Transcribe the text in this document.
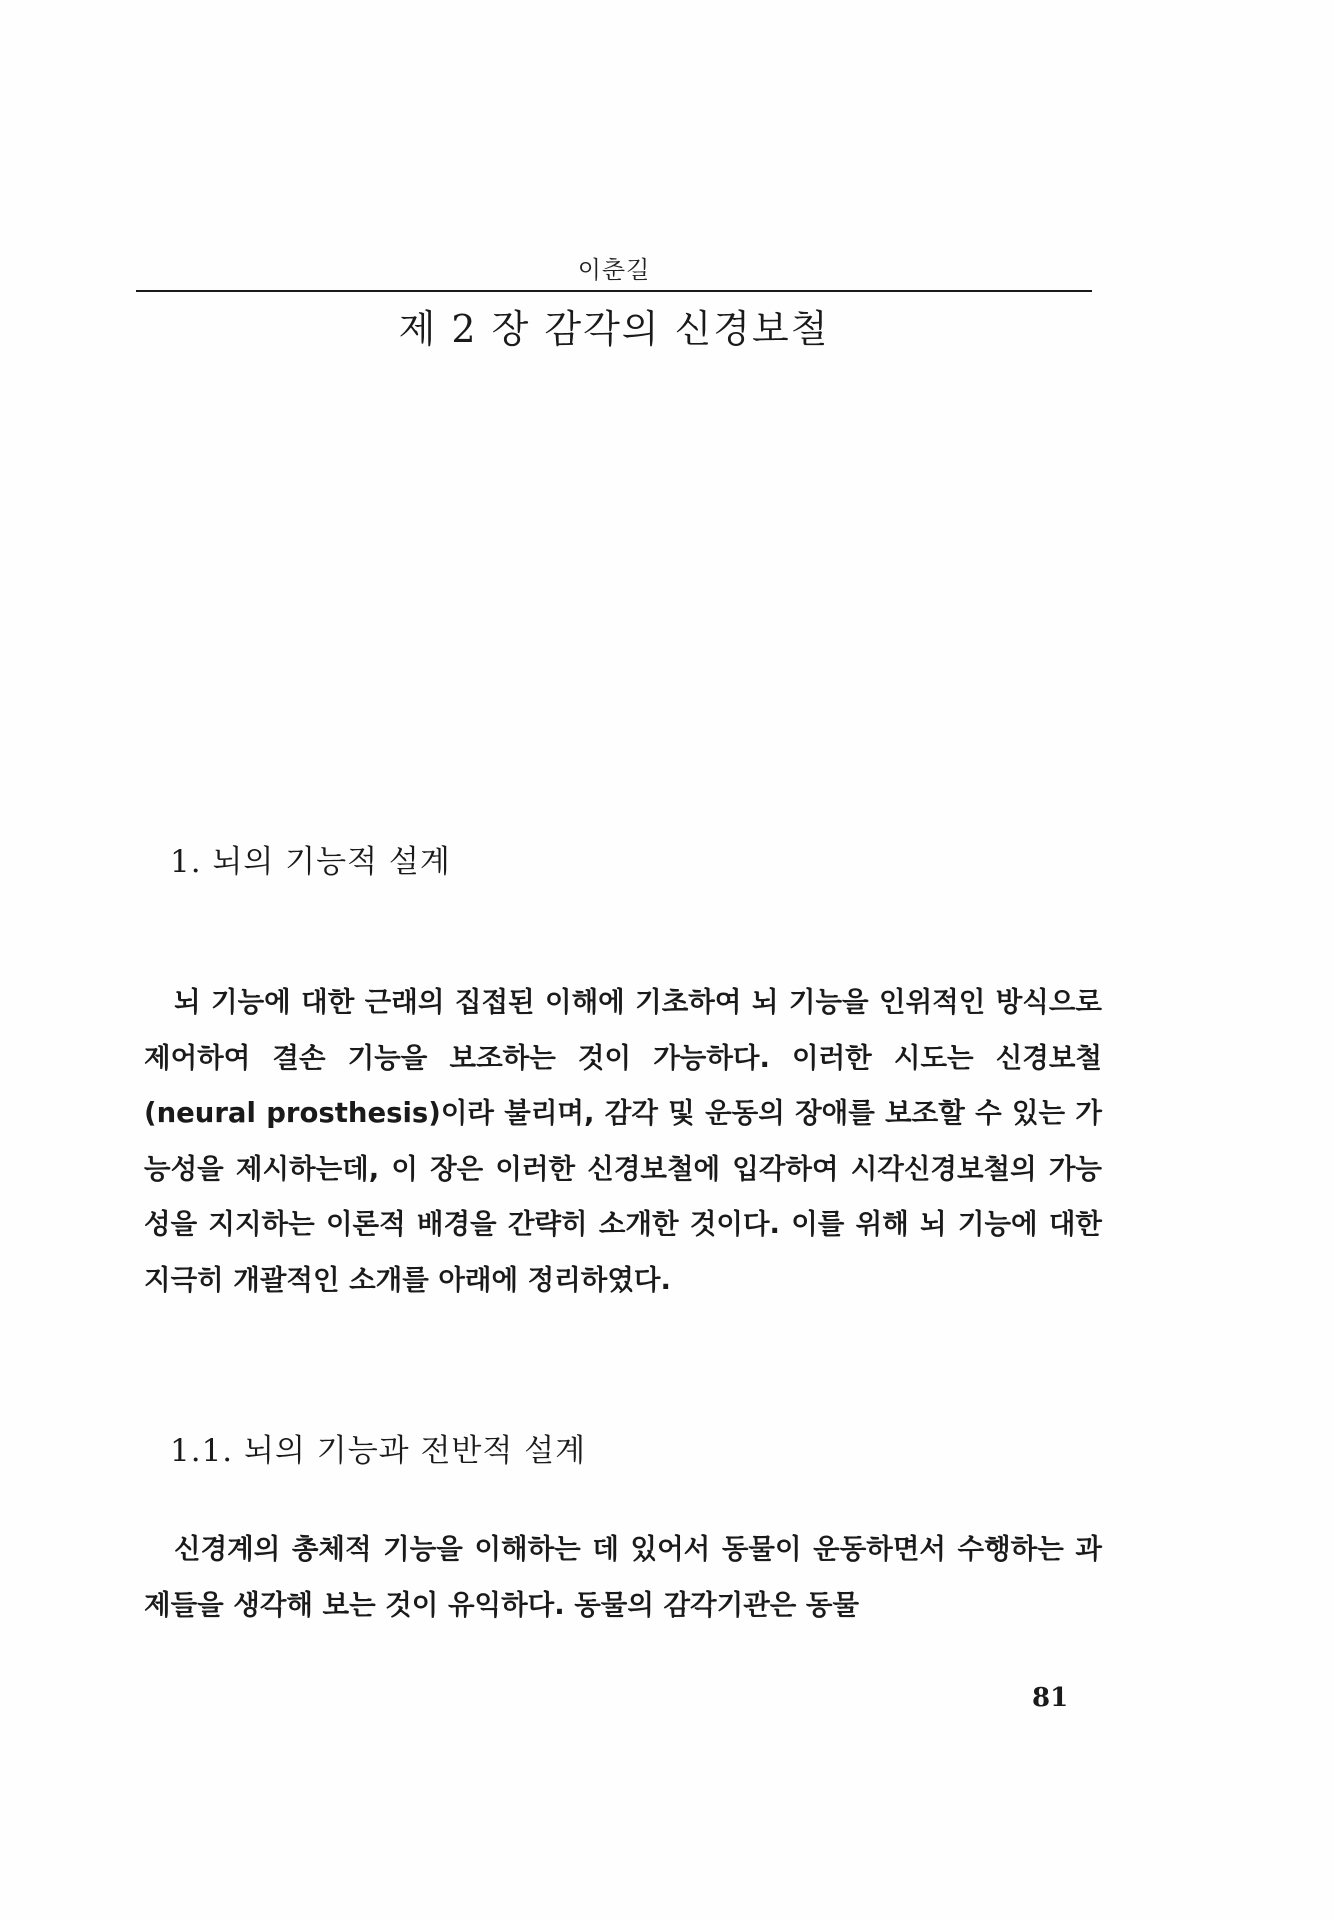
이춘길
제 2 장 감각의 신경보철
1. 뇌의 기능적 설계

뇌 기능에 대한 근래의 집접된 이해에 기초하여 뇌 기능을 인위적인 방식으로 제어하여 결손 기능을 보조하는 것이 가능하다. 이러한 시도는 신경보철(neural prosthesis)이라 불리며, 감각 및 운동의 장애를 보조할 수 있는 가능성을 제시하는데, 이 장은 이러한 신경보철에 입각하여 시각신경보철의 가능성을 지지하는 이론적 배경을 간략히 소개한 것이다. 이를 위해 뇌 기능에 대한 지극히 개괄적인 소개를 아래에 정리하였다.

1.1. 뇌의 기능과 전반적 설계

신경계의 총체적 기능을 이해하는 데 있어서 동물이 운동하면서 수행하는 과제들을 생각해 보는 것이 유익하다. 동물의 감각기관은 동물

81
